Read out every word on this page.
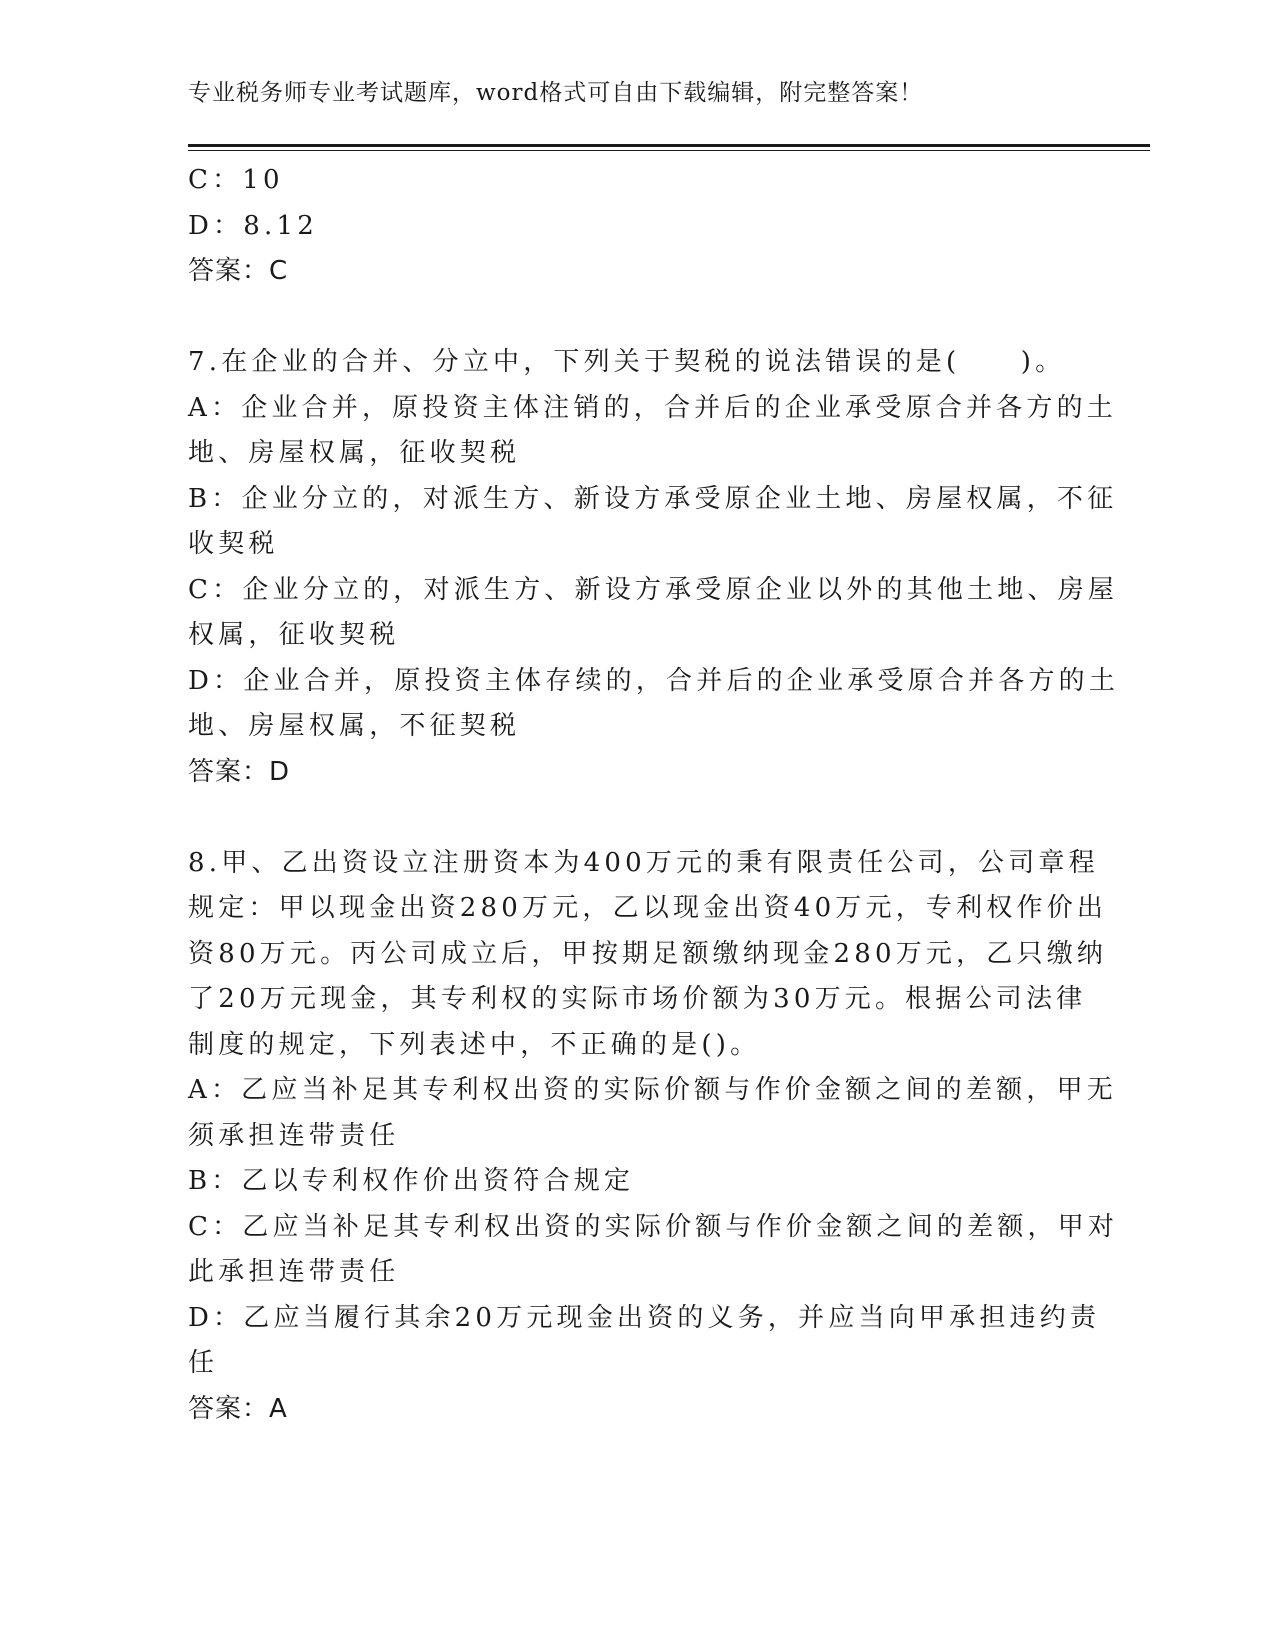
专业税务师专业考试题库，word格式可自由下载编辑，附完整答案！
C：10
D：8.12
答案：C
7.在企业的合并、分立中，下列关于契税的说法错误的是(　　)。
A：企业合并，原投资主体注销的，合并后的企业承受原合并各方的土
地、房屋权属，征收契税
B：企业分立的，对派生方、新设方承受原企业土地、房屋权属，不征
收契税
C：企业分立的，对派生方、新设方承受原企业以外的其他土地、房屋
权属，征收契税
D：企业合并，原投资主体存续的，合并后的企业承受原合并各方的土
地、房屋权属，不征契税
答案：D
8.甲、乙出资设立注册资本为400万元的秉有限责任公司，公司章程
规定：甲以现金出资280万元，乙以现金出资40万元，专利权作价出
资80万元。丙公司成立后，甲按期足额缴纳现金280万元，乙只缴纳
了20万元现金，其专利权的实际市场价额为30万元。根据公司法律
制度的规定，下列表述中，不正确的是()。
A：乙应当补足其专利权出资的实际价额与作价金额之间的差额，甲无
须承担连带责任
B：乙以专利权作价出资符合规定
C：乙应当补足其专利权出资的实际价额与作价金额之间的差额，甲对
此承担连带责任
D：乙应当履行其余20万元现金出资的义务，并应当向甲承担违约责
任
答案：A
